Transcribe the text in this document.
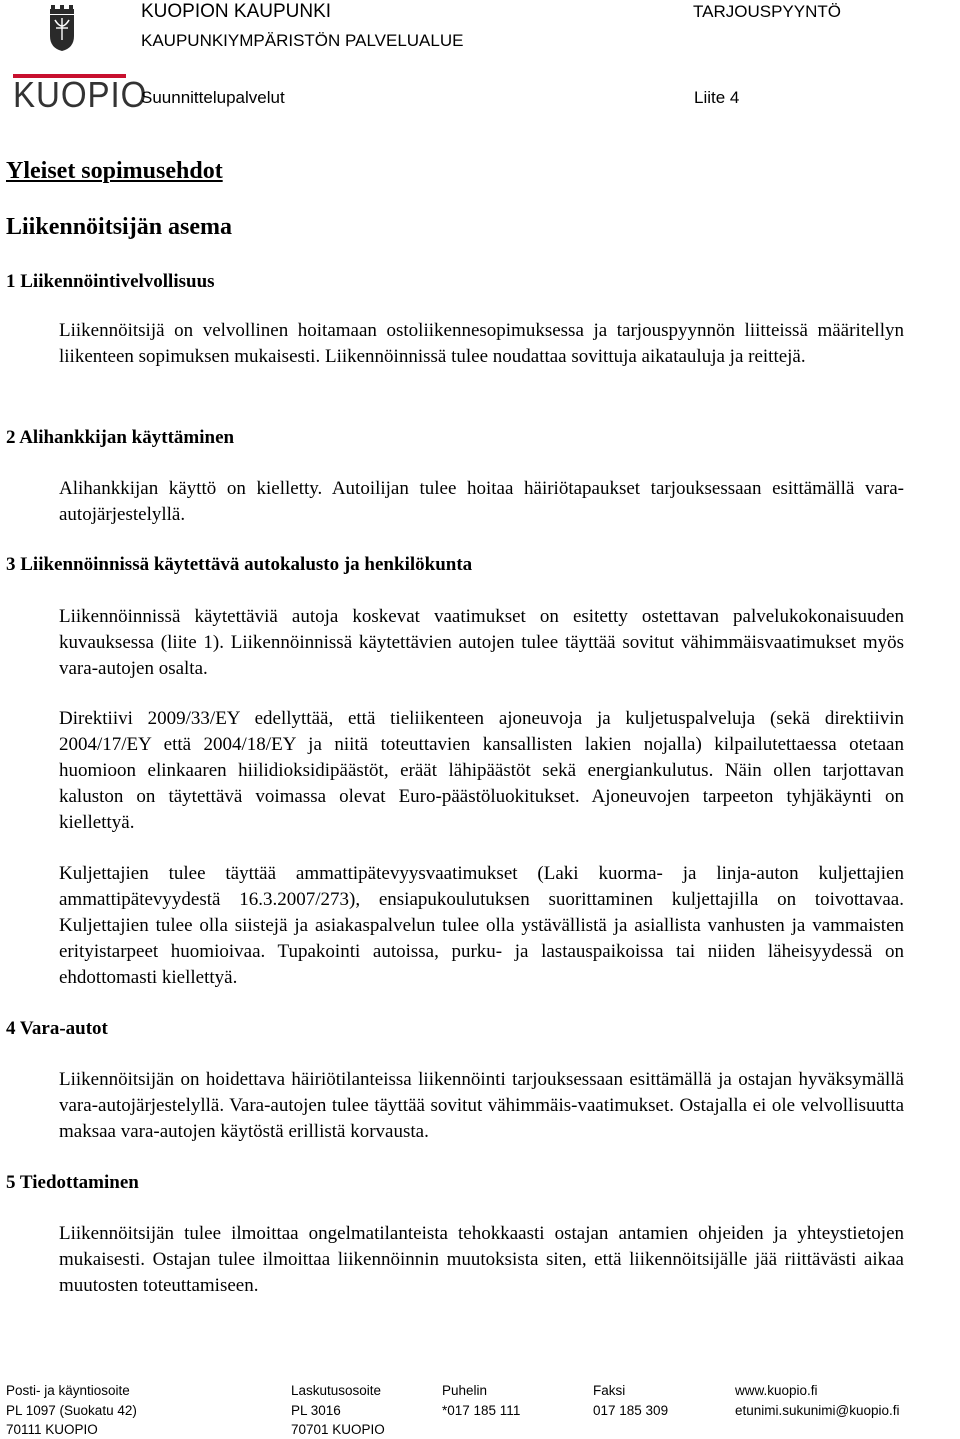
KUOPIO
KUOPION KAUPUNKI
KAUPUNKIYMPÄRISTÖN PALVELUALUE
TARJOUSPYYNTÖ
Suunnittelupalvelut	Liite 4
Yleiset sopimusehdot
Liikennöitsijän asema
1 Liikennöintivelvollisuus
Liikennöitsijä on velvollinen hoitamaan ostoliikennesopimuksessa ja tarjouspyynnön liitteissä määritellyn liikenteen sopimuksen mukaisesti. Liikennöinnissä tulee noudattaa sovittuja aikatauluja ja reittejä.
2 Alihankkijan käyttäminen
Alihankkijan käyttö on kielletty. Autoilijan tulee hoitaa häiriötapaukset tarjouksessaan esittämällä vara-autojärjestelyllä.
3 Liikennöinnissä käytettävä autokalusto ja henkilökunta
Liikennöinnissä käytettäviä autoja koskevat vaatimukset on esitetty ostettavan palvelukokonaisuuden kuvauksessa (liite 1). Liikennöinnissä käytettävien autojen tulee täyttää sovitut vähimmäisvaatimukset myös vara-autojen osalta.
Direktiivi 2009/33/EY edellyttää, että tieliikenteen ajoneuvoja ja kuljetuspalveluja (sekä direktiivin 2004/17/EY että 2004/18/EY ja niitä toteuttavien kansallisten lakien nojalla) kilpailutettaessa otetaan huomioon elinkaaren hiilidioksidipäästöt, eräät lähipäästöt sekä energiankulutus. Näin ollen tarjottavan kaluston on täytettävä voimassa olevat Euro-päästöluokitukset. Ajoneuvojen tarpeeton tyhjäkäynti on kiellettyä.
Kuljettajien tulee täyttää ammattipätevyysvaatimukset (Laki kuorma- ja linja-auton kuljettajien ammattipätevyydestä 16.3.2007/273), ensiapukoulutuksen suorittaminen kuljettajilla on toivottavaa. Kuljettajien tulee olla siistejä ja asiakaspalvelun tulee olla ystävällistä ja asiallista vanhusten ja vammaisten erityistarpeet huomioivaa. Tupakointi autoissa, purku- ja lastauspaikoissa tai niiden läheisyydessä on ehdottomasti kiellettyä.
4 Vara-autot
Liikennöitsijän on hoidettava häiriötilanteissa liikennöinti tarjouksessaan esittämällä ja ostajan hyväksymällä vara-autojärjestelyllä. Vara-autojen tulee täyttää sovitut vähimmäis-vaatimukset. Ostajalla ei ole velvollisuutta maksaa vara-autojen käytöstä erillistä korvausta.
5 Tiedottaminen
Liikennöitsijän tulee ilmoittaa ongelmatilanteista tehokkaasti ostajan antamien ohjeiden ja yhteystietojen mukaisesti. Ostajan tulee ilmoittaa liikennöinnin muutoksista siten, että liikennöitsijälle jää riittävästi aikaa muutosten toteuttamiseen.
Posti- ja käyntiosoite
PL 1097 (Suokatu 42)
70111 KUOPIO
Laskutusosoite
PL 3016
70701 KUOPIO
Puhelin
*017 185 111
Faksi
017 185 309
www.kuopio.fi
etunimi.sukunimi@kuopio.fi
